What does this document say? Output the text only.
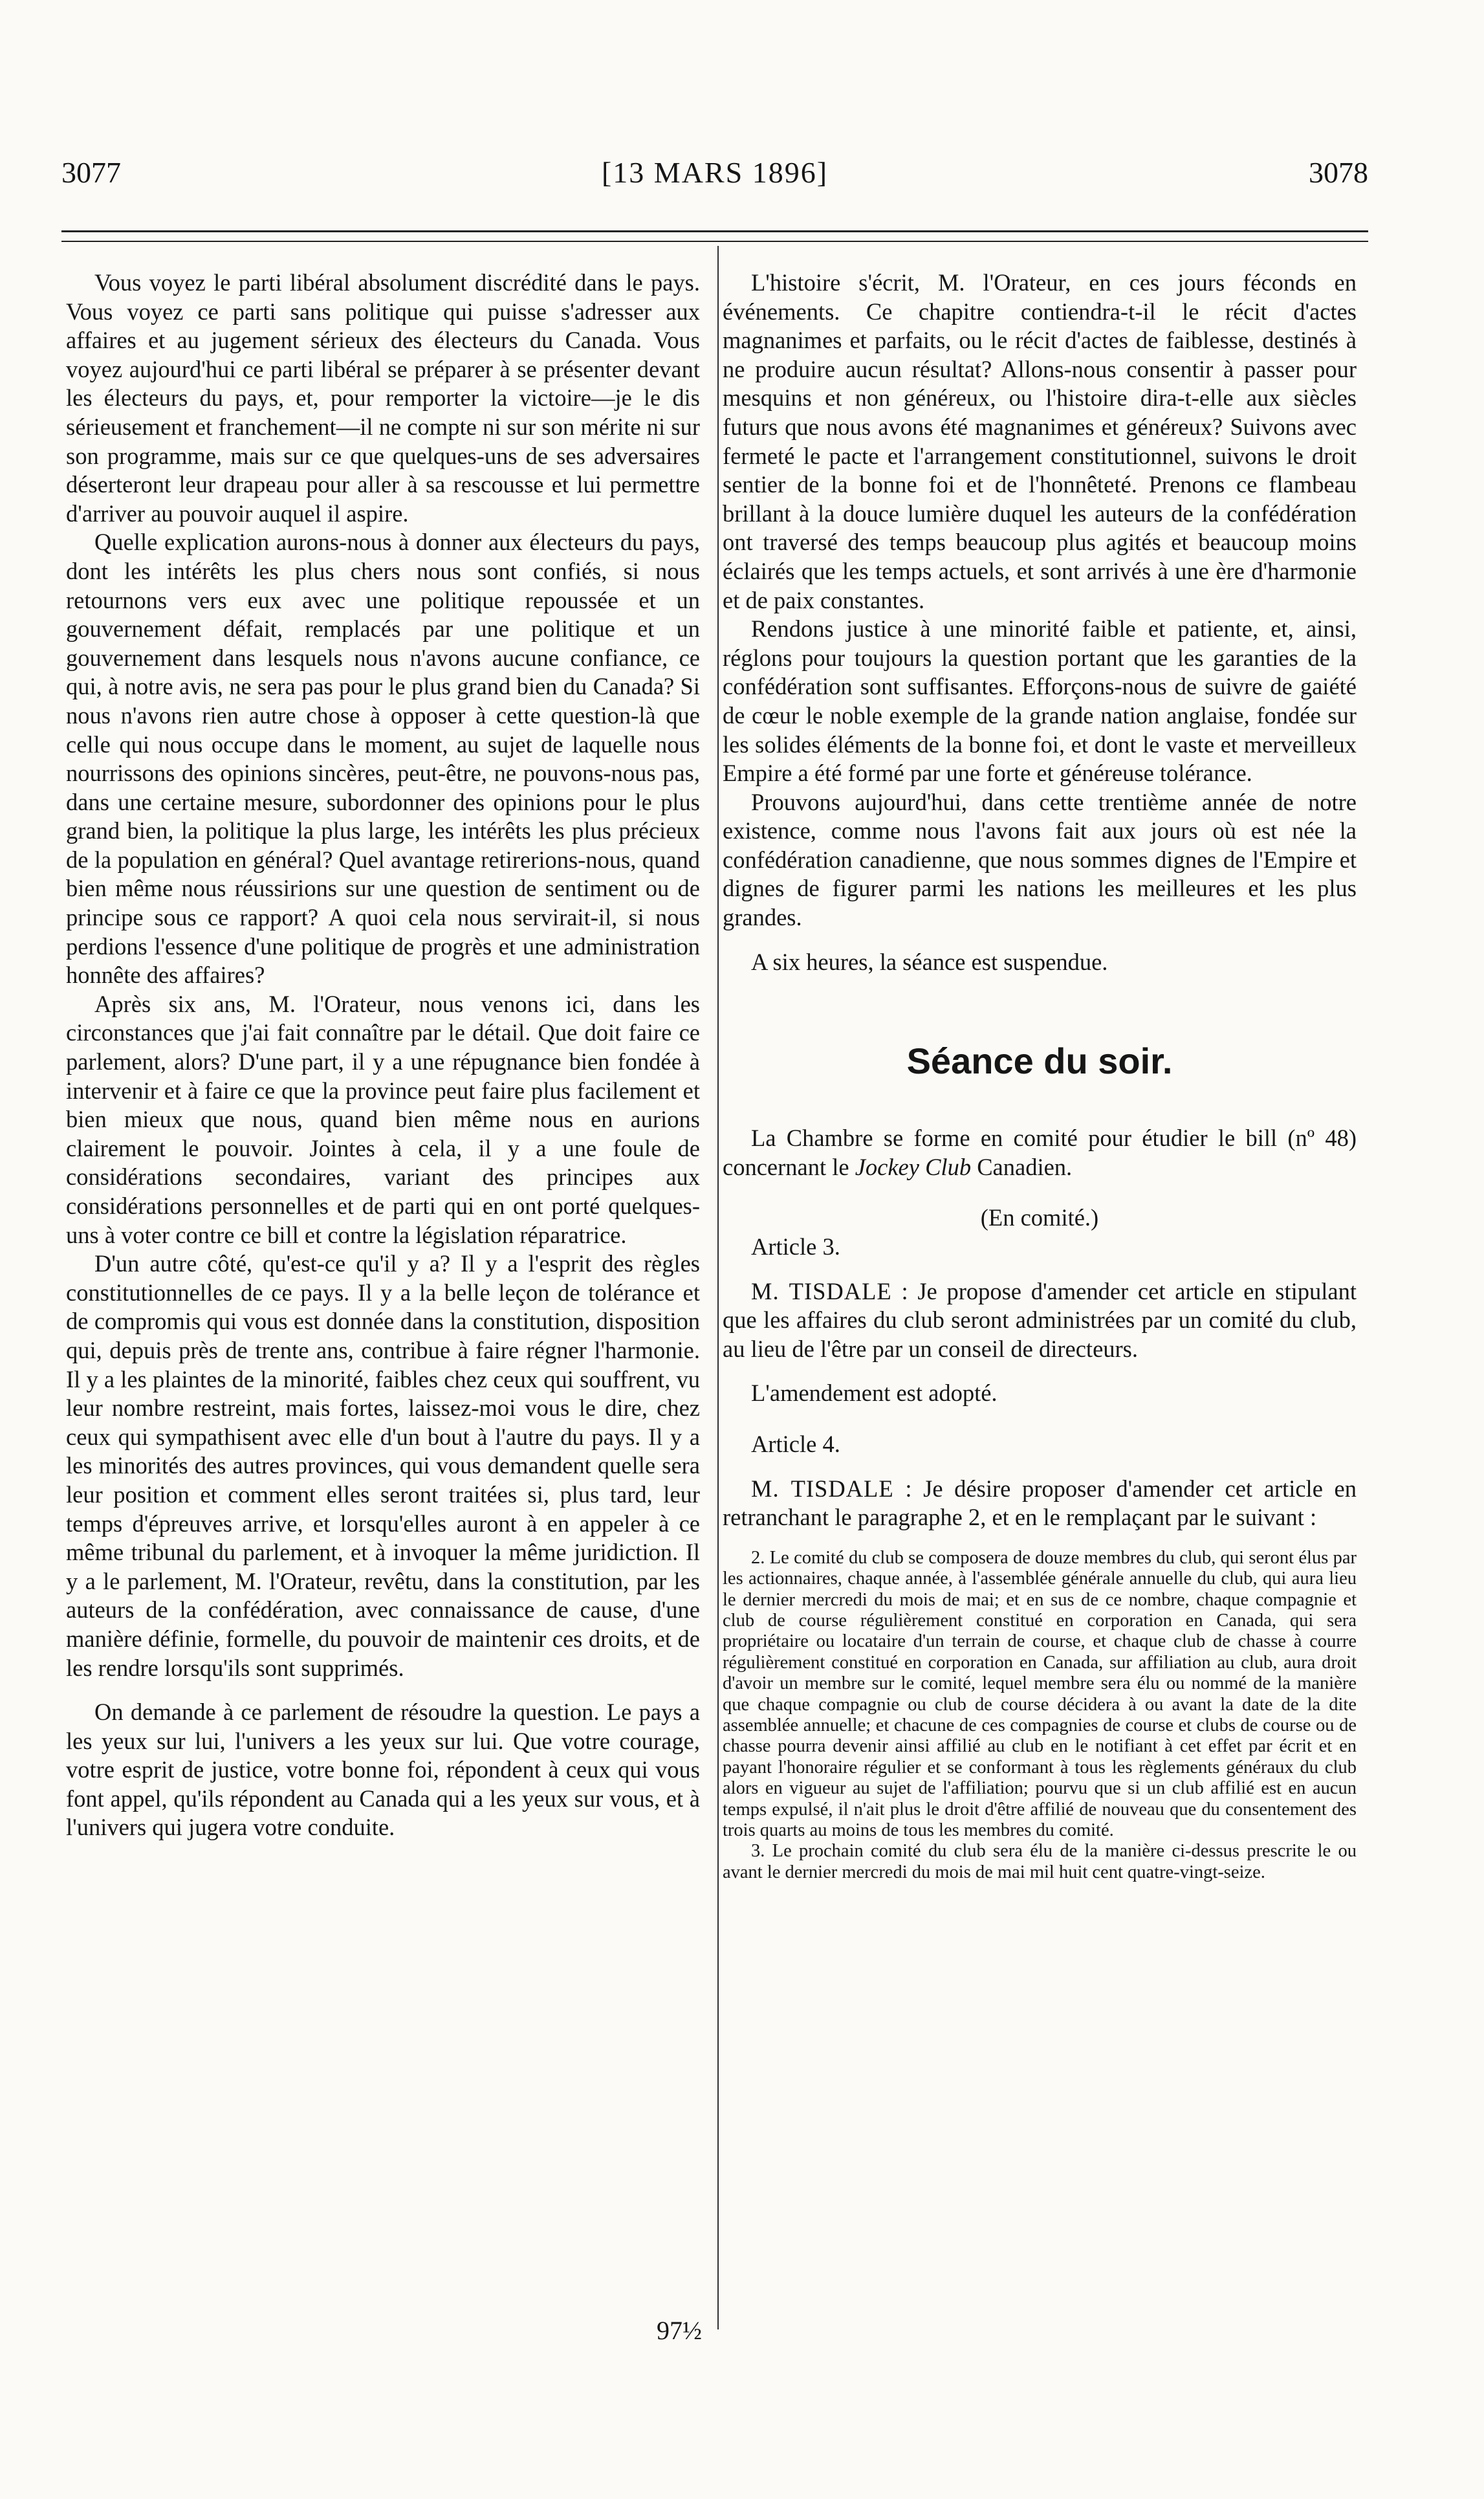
3077	[13 MARS 1896]	3078

Vous voyez le parti libéral absolument discrédité dans le pays. Vous voyez ce parti sans politique qui puisse s'adresser aux affaires et au jugement sérieux des électeurs du Canada. Vous voyez aujourd'hui ce parti libéral se préparer à se présenter devant les électeurs du pays, et, pour remporter la victoire—je le dis sérieusement et franchement—il ne compte ni sur son mérite ni sur son programme, mais sur ce que quelques-uns de ses adversaires déserteront leur drapeau pour aller à sa rescousse et lui permettre d'arriver au pouvoir auquel il aspire.

Quelle explication aurons-nous à donner aux électeurs du pays, dont les intérêts les plus chers nous sont confiés, si nous retournons vers eux avec une politique repoussée et un gouvernement défait, remplacés par une politique et un gouvernement dans lesquels nous n'avons aucune confiance, ce qui, à notre avis, ne sera pas pour le plus grand bien du Canada? Si nous n'avons rien autre chose à opposer à cette question-là que celle qui nous occupe dans le moment, au sujet de laquelle nous nourrissons des opinions sincères, peut-être, ne pouvons-nous pas, dans une certaine mesure, subordonner des opinions pour le plus grand bien, la politique la plus large, les intérêts les plus précieux de la population en général? Quel avantage retirerions-nous, quand bien même nous réussirions sur une question de sentiment ou de principe sous ce rapport? A quoi cela nous servirait-il, si nous perdions l'essence d'une politique de progrès et une administration honnête des affaires?

Après six ans, M. l'Orateur, nous venons ici, dans les circonstances que j'ai fait connaître par le détail. Que doit faire ce parlement, alors? D'une part, il y a une répugnance bien fondée à intervenir et à faire ce que la province peut faire plus facilement et bien mieux que nous, quand bien même nous en aurions clairement le pouvoir. Jointes à cela, il y a une foule de considérations secondaires, variant des principes aux considérations personnelles et de parti qui en ont porté quelques-uns à voter contre ce bill et contre la législation réparatrice.

D'un autre côté, qu'est-ce qu'il y a? Il y a l'esprit des règles constitutionnelles de ce pays. Il y a la belle leçon de tolérance et de compromis qui vous est donnée dans la constitution, disposition qui, depuis près de trente ans, contribue à faire régner l'harmonie. Il y a les plaintes de la minorité, faibles chez ceux qui souffrent, vu leur nombre restreint, mais fortes, laissez-moi vous le dire, chez ceux qui sympathisent avec elle d'un bout à l'autre du pays. Il y a les minorités des autres provinces, qui vous demandent quelle sera leur position et comment elles seront traitées si, plus tard, leur temps d'épreuves arrive, et lorsqu'elles auront à en appeler à ce même tribunal du parlement, et à invoquer la même juridiction. Il y a le parlement, M. l'Orateur, revêtu, dans la constitution, par les auteurs de la confédération, avec connaissance de cause, d'une manière définie, formelle, du pouvoir de maintenir ces droits, et de les rendre lorsqu'ils sont supprimés.

On demande à ce parlement de résoudre la question. Le pays a les yeux sur lui, l'univers a les yeux sur lui. Que votre courage, votre esprit de justice, votre bonne foi, répondent à ceux qui vous font appel, qu'ils répondent au Canada qui a les yeux sur vous, et à l'univers qui jugera votre conduite.

L'histoire s'écrit, M. l'Orateur, en ces jours féconds en événements. Ce chapitre contiendra-t-il le récit d'actes magnanimes et parfaits, ou le récit d'actes de faiblesse, destinés à ne produire aucun résultat? Allons-nous consentir à passer pour mesquins et non généreux, ou l'histoire dira-t-elle aux siècles futurs que nous avons été magnanimes et généreux? Suivons avec fermeté le pacte et l'arrangement constitutionnel, suivons le droit sentier de la bonne foi et de l'honnêteté. Prenons ce flambeau brillant à la douce lumière duquel les auteurs de la confédération ont traversé des temps beaucoup plus agités et beaucoup moins éclairés que les temps actuels, et sont arrivés à une ère d'harmonie et de paix constantes.

Rendons justice à une minorité faible et patiente, et, ainsi, réglons pour toujours la question portant que les garanties de la confédération sont suffisantes. Efforçons-nous de suivre de gaiété de cœur le noble exemple de la grande nation anglaise, fondée sur les solides éléments de la bonne foi, et dont le vaste et merveilleux Empire a été formé par une forte et généreuse tolérance.

Prouvons aujourd'hui, dans cette trentième année de notre existence, comme nous l'avons fait aux jours où est née la confédération canadienne, que nous sommes dignes de l'Empire et dignes de figurer parmi les nations les meilleures et les plus grandes.

A six heures, la séance est suspendue.

Séance du soir.

La Chambre se forme en comité pour étudier le bill (nº 48) concernant le Jockey Club Canadien.

(En comité.)

Article 3.

M. TISDALE : Je propose d'amender cet article en stipulant que les affaires du club seront administrées par un comité du club, au lieu de l'être par un conseil de directeurs.

L'amendement est adopté.

Article 4.

M. TISDALE : Je désire proposer d'amender cet article en retranchant le paragraphe 2, et en le remplaçant par le suivant :

2. Le comité du club se composera de douze membres du club, qui seront élus par les actionnaires, chaque année, à l'assemblée générale annuelle du club, qui aura lieu le dernier mercredi du mois de mai; et en sus de ce nombre, chaque compagnie et club de course régulièrement constitué en corporation en Canada, qui sera propriétaire ou locataire d'un terrain de course, et chaque club de chasse à courre régulièrement constitué en corporation en Canada, sur affiliation au club, aura droit d'avoir un membre sur le comité, lequel membre sera élu ou nommé de la manière que chaque compagnie ou club de course décidera à ou avant la date de la dite assemblée annuelle; et chacune de ces compagnies de course et clubs de course ou de chasse pourra devenir ainsi affilié au club en le notifiant à cet effet par écrit et en payant l'honoraire régulier et se conformant à tous les règlements généraux du club alors en vigueur au sujet de l'affiliation; pourvu que si un club affilié est en aucun temps expulsé, il n'ait plus le droit d'être affilié de nouveau que du consentement des trois quarts au moins de tous les membres du comité.

3. Le prochain comité du club sera élu de la manière ci-dessus prescrite le ou avant le dernier mercredi du mois de mai mil huit cent quatre-vingt-seize.

97½
